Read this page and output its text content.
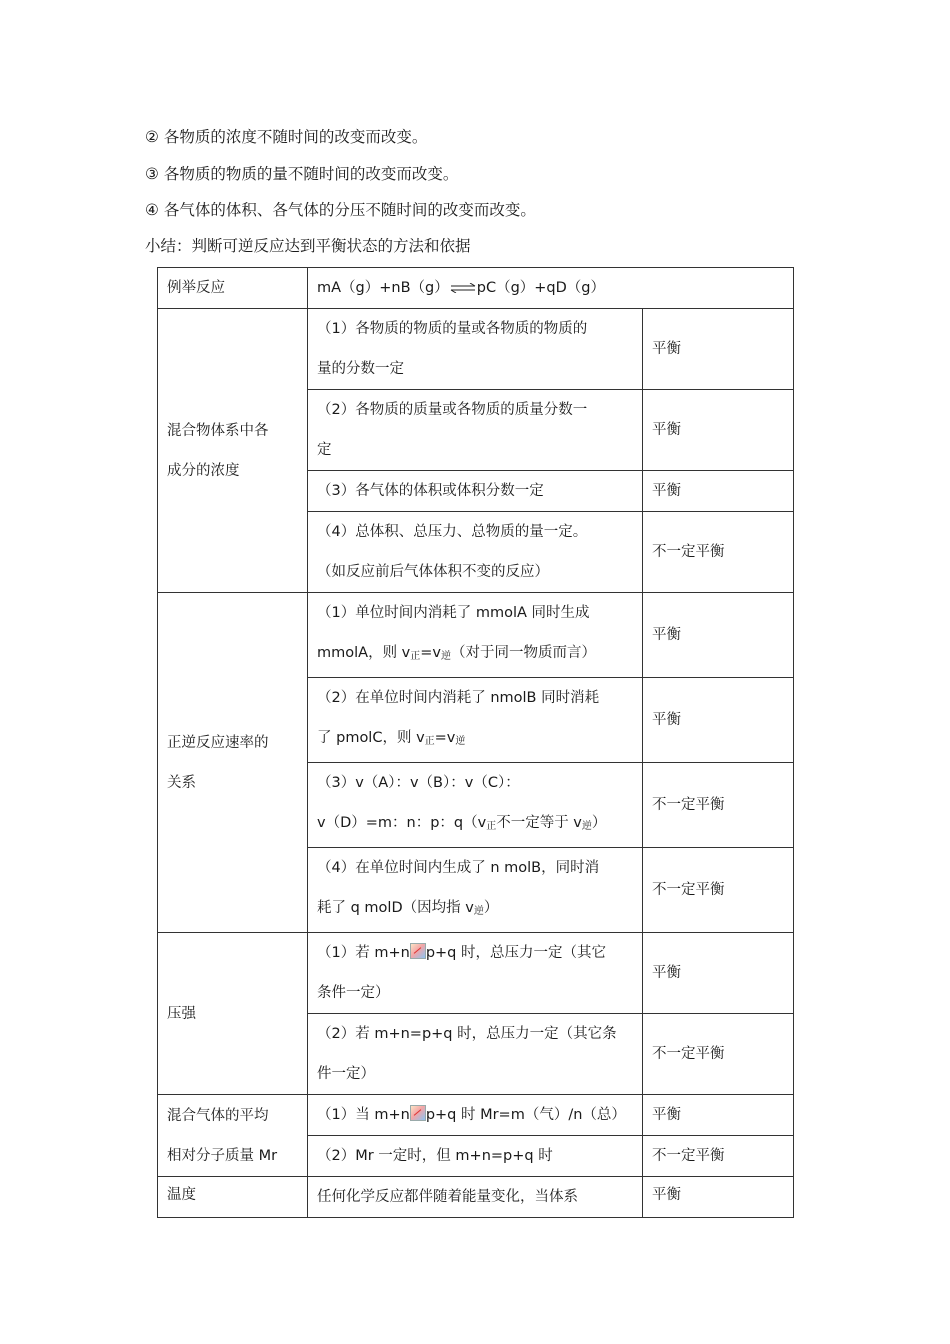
② 各物质的浓度不随时间的改变而改变。

③ 各物质的物质的量不随时间的改变而改变。

④ 各气体的体积、各气体的分压不随时间的改变而改变。

小结：判断可逆反应达到平衡状态的方法和依据

例举反应	mA（g）+nB（g）⇌pC（g）+qD（g）	
混合物体系中各
成分的浓度	（1）各物质的物质的量或各物质的物质的
量的分数一定	平衡
	（2）各物质的质量或各物质的质量分数一
定	平衡
	（3）各气体的体积或体积分数一定	平衡
	（4）总体积、总压力、总物质的量一定。
（如反应前后气体体积不变的反应）	不一定平衡
正逆反应速率的
关系	（1）单位时间内消耗了 mmolA 同时生成
mmolA，则 $v_正=v_逆$（对于同一物质而言）	平衡
	（2）在单位时间内消耗了 nmolB 同时消耗
了 pmolC，则 $v_正=v_逆$	平衡
	（3）v（A）：v（B）：v（C）：
v（D）=m：n：p：$q(v_正$不一定等于 $v_逆$）	不一定平衡
	（4）在单位时间内生成了 n molB，同时消
耗了 q molD（因均指 $v_逆$）	不一定平衡
压强	（1）若 m+n p+q 时，总压力一定（其它
条件一定）	平衡
	（2）若 m+n=p+q 时，总压力一定（其它条
件一定）	不一定平衡
混合气体的平均
相对分子质量 Mr	（1）当 m+n p+q 时 Mr=m（气）/n（总）	平衡
	（2）Mr 一定时，但 m+n=p+q 时	不一定平衡
温度	任何化学反应都伴随着能量变化，当体系	平衡
